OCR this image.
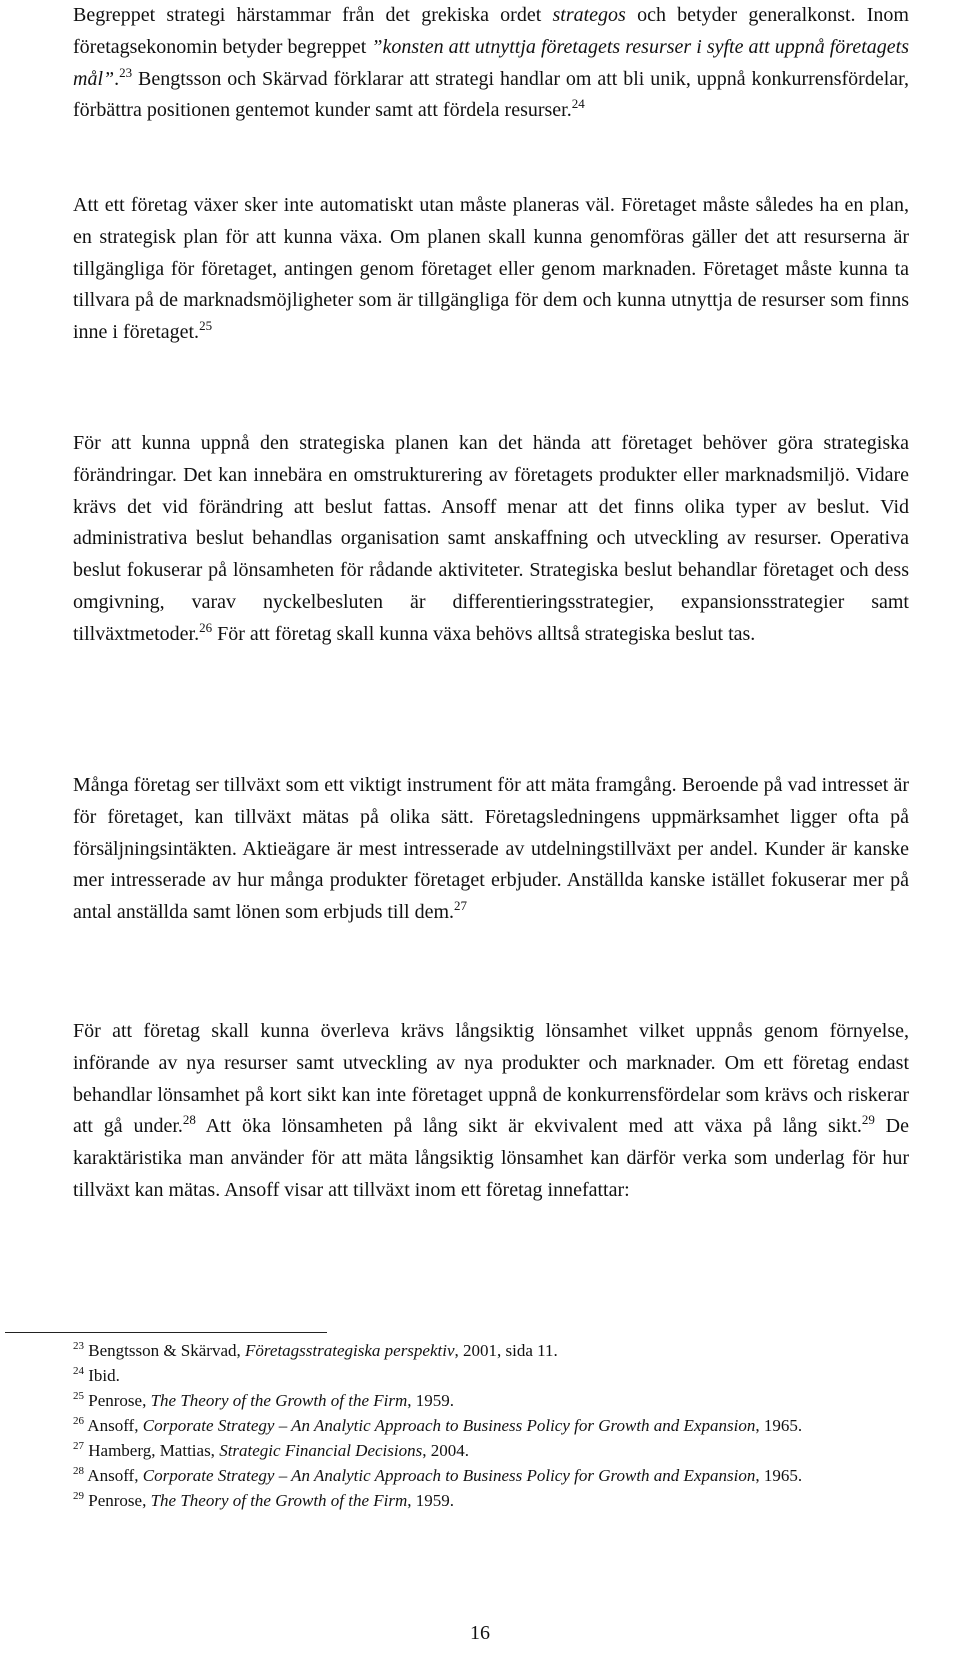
Begreppet strategi härstammar från det grekiska ordet strategos och betyder generalkonst. Inom företagsekonomin betyder begreppet ”konsten att utnyttja företagets resurser i syfte att uppnå företagets mål”.$^{23}$ Bengtsson och Skärvad förklarar att strategi handlar om att bli unik, uppnå konkurrensfördelar, förbättra positionen gentemot kunder samt att fördela resurser.$^{24}$

Att ett företag växer sker inte automatiskt utan måste planeras väl. Företaget måste således ha en plan, en strategisk plan för att kunna växa. Om planen skall kunna genomföras gäller det att resurserna är tillgängliga för företaget, antingen genom företaget eller genom marknaden. Företaget måste kunna ta tillvara på de marknadsmöjligheter som är tillgängliga för dem och kunna utnyttja de resurser som finns inne i företaget.$^{25}$

För att kunna uppnå den strategiska planen kan det hända att företaget behöver göra strategiska förändringar. Det kan innebära en omstrukturering av företagets produkter eller marknadsmiljö. Vidare krävs det vid förändring att beslut fattas. Ansoff menar att det finns olika typer av beslut. Vid administrativa beslut behandlas organisation samt anskaffning och utveckling av resurser. Operativa beslut fokuserar på lönsamheten för rådande aktiviteter. Strategiska beslut behandlar företaget och dess omgivning, varav nyckelbesluten är differentieringsstrategier, expansionsstrategier samt tillväxtmetoder.$^{26}$ För att företag skall kunna växa behövs alltså strategiska beslut tas.

Många företag ser tillväxt som ett viktigt instrument för att mäta framgång. Beroende på vad intresset är för företaget, kan tillväxt mätas på olika sätt. Företagsledningens uppmärksamhet ligger ofta på försäljningsintäkten. Aktieägare är mest intresserade av utdelningstillväxt per andel. Kunder är kanske mer intresserade av hur många produkter företaget erbjuder. Anställda kanske istället fokuserar mer på antal anställda samt lönen som erbjuds till dem.$^{27}$

För att företag skall kunna överleva krävs långsiktig lönsamhet vilket uppnås genom förnyelse, införande av nya resurser samt utveckling av nya produkter och marknader. Om ett företag endast behandlar lönsamhet på kort sikt kan inte företaget uppnå de konkurrensfördelar som krävs och riskerar att gå under.$^{28}$ Att öka lönsamheten på lång sikt är ekvivalent med att växa på lång sikt.$^{29}$ De karaktäristika man använder för att mäta långsiktig lönsamhet kan därför verka som underlag för hur tillväxt kan mätas. Ansoff visar att tillväxt inom ett företag innefattar:

$^{23}$ Bengtsson & Skärvad, Företagsstrategiska perspektiv, 2001, sida 11.

$^{24}$ Ibid.

$^{25}$ Penrose, The Theory of the Growth of the Firm, 1959.

$^{26}$ Ansoff, Corporate Strategy – An Analytic Approach to Business Policy for Growth and Expansion, 1965.

$^{27}$ Hamberg, Mattias, Strategic Financial Decisions, 2004.

$^{28}$ Ansoff, Corporate Strategy – An Analytic Approach to Business Policy for Growth and Expansion, 1965.

$^{29}$ Penrose, The Theory of the Growth of the Firm, 1959.

16
